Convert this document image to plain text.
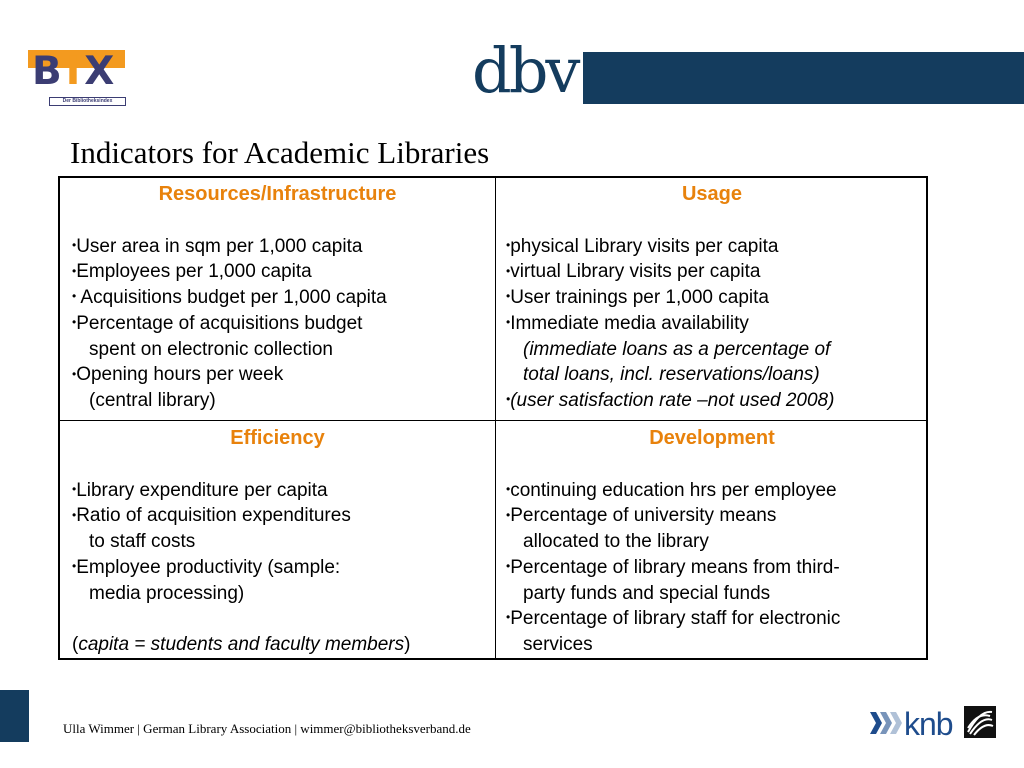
BIX
Der Bibliotheksindex	dbv
Indicators for Academic Libraries
Resources/Infrastructure
•User area in sqm per 1,000 capita
•Employees per 1,000 capita
• Acquisitions budget per 1,000 capita
•Percentage of acquisitions budget
spent on electronic collection
•Opening hours per week
(central library)
Usage
•physical Library visits per capita
•virtual Library visits per capita
•User trainings per 1,000 capita
•Immediate media availability
(immediate loans as a percentage of
total loans, incl. reservations/loans)
•(user satisfaction rate –not used 2008)
Efficiency
•Library expenditure per capita
•Ratio of acquisition expenditures
to staff costs
•Employee productivity (sample:
media processing)
(capita = students and faculty members)
Development
•continuing education hrs per employee
•Percentage of university means
allocated to the library
•Percentage of library means from third-
party funds and special funds
•Percentage of library staff for electronic
services
Ulla Wimmer | German Library Association | wimmer@bibliotheksverband.de	knb
